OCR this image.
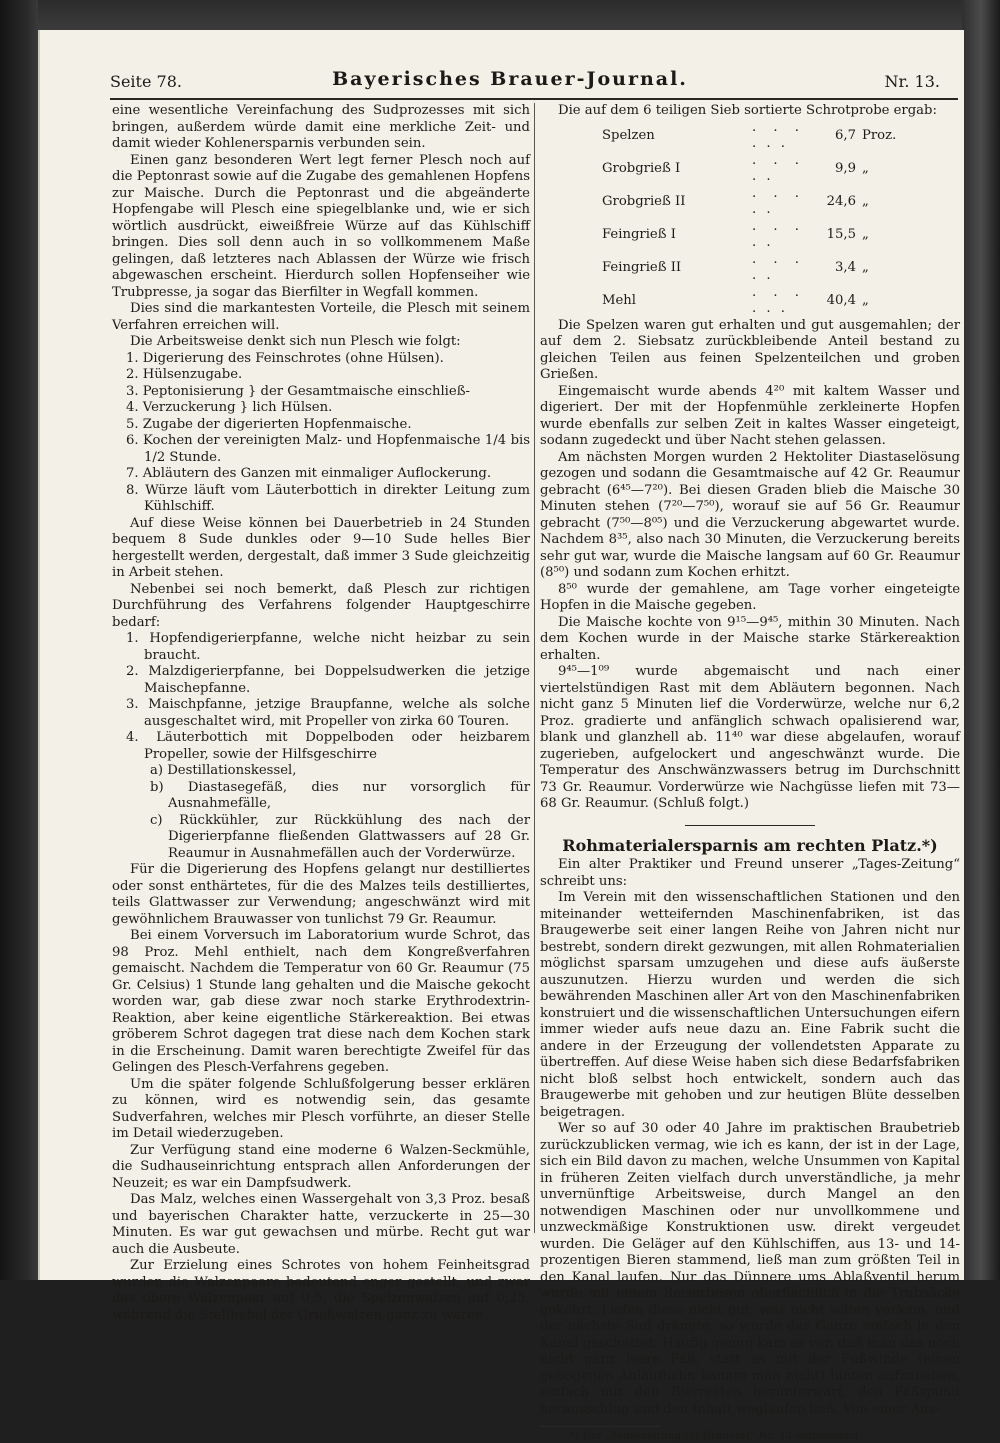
Seite 78.	Bayerisches Brauer-Journal.	Nr. 13.

eine wesentliche Vereinfachung des Sudprozesses mit sich bringen, außerdem würde damit eine merkliche Zeit- und damit wieder Kohlenersparnis verbunden sein.

Einen ganz besonderen Wert legt ferner Plesch noch auf die Peptonrast sowie auf die Zugabe des gemahlenen Hopfens zur Maische. Durch die Peptonrast und die abgeänderte Hopfengabe will Plesch eine spiegelblanke und, wie er sich wörtlich ausdrückt, eiweißfreie Würze auf das Kühlschiff bringen. Dies soll denn auch in so vollkommenem Maße gelingen, daß letzteres nach Ablassen der Würze wie frisch abgewaschen erscheint. Hierdurch sollen Hopfenseiher wie Trubpresse, ja sogar das Bierfilter in Wegfall kommen.

Dies sind die markantesten Vorteile, die Plesch mit seinem Verfahren erreichen will.

Die Arbeitsweise denkt sich nun Plesch wie folgt:

1. Digerierung des Feinschrotes (ohne Hülsen).
2. Hülsenzugabe.
3. Peptonisierung } der Gesamtmaische einschließ-
4. Verzuckerung } lich Hülsen.
5. Zugabe der digerierten Hopfenmaische.
6. Kochen der vereinigten Malz- und Hopfenmaische 1/4 bis 1/2 Stunde.
7. Abläutern des Ganzen mit einmaliger Auflockerung.
8. Würze läuft vom Läuterbottich in direkter Leitung zum Kühlschiff.

Auf diese Weise können bei Dauerbetrieb in 24 Stunden bequem 8 Sude dunkles oder 9—10 Sude helles Bier hergestellt werden, dergestalt, daß immer 3 Sude gleichzeitig in Arbeit stehen.

Nebenbei sei noch bemerkt, daß Plesch zur richtigen Durchführung des Verfahrens folgender Hauptgeschirre bedarf:

1. Hopfendigerierpfanne, welche nicht heizbar zu sein braucht.
2. Malzdigerierpfanne, bei Doppelsudwerken die jetzige Maischepfanne.
3. Maischpfanne, jetzige Braupfanne, welche als solche ausgeschaltet wird, mit Propeller von zirka 60 Touren.
4. Läuterbottich mit Doppelboden oder heizbarem Propeller, sowie der Hilfsgeschirre
a) Destillationskessel,
b) Diastasegefäß, dies nur vorsorglich für Ausnahmefälle,
c) Rückkühler, zur Rückkühlung des nach der Digerierpfanne fließenden Glattwassers auf 28 Gr. Reaumur in Ausnahmefällen auch der Vorderwürze.

Für die Digerierung des Hopfens gelangt nur destilliertes oder sonst enthärtetes, für die des Malzes teils destilliertes, teils Glattwasser zur Verwendung; angeschwänzt wird mit gewöhnlichem Brauwasser von tunlichst 79 Gr. Reaumur.

Bei einem Vorversuch im Laboratorium wurde Schrot, das 98 Proz. Mehl enthielt, nach dem Kongreßverfahren gemaischt. Nachdem die Temperatur von 60 Gr. Reaumur (75 Gr. Celsius) 1 Stunde lang gehalten und die Maische gekocht worden war, gab diese zwar noch starke Erythrodextrin-Reaktion, aber keine eigentliche Stärkereaktion. Bei etwas gröberem Schrot dagegen trat diese nach dem Kochen stark in die Erscheinung. Damit waren berechtigte Zweifel für das Gelingen des Plesch-Verfahrens gegeben.

Um die später folgende Schlußfolgerung besser erklären zu können, wird es notwendig sein, das gesamte Sudverfahren, welches mir Plesch vorführte, an dieser Stelle im Detail wiederzugeben.

Zur Verfügung stand eine moderne 6 Walzen-Seckmühle, die Sudhauseinrichtung entsprach allen Anforderungen der Neuzeit; es war ein Dampfsudwerk.

Das Malz, welches einen Wassergehalt von 3,3 Proz. besaß und bayerischen Charakter hatte, verzuckerte in 25—30 Minuten. Es war gut gewachsen und mürbe. Recht gut war auch die Ausbeute.

Zur Erzielung eines Schrotes von hohem Feinheitsgrad wurden die Walzenpaare bedeutend enger gestellt, und zwar das obere Walzenpaar auf 0,5, die Spelzenwalzen auf 0,25, während die Stellhebel der Grießwalzen ganz zu waren.

Die auf dem 6 teiligen Sieb sortierte Schrotprobe ergab:

Spelzen	. . . . . .	6,7	Proz.
Grobgrieß I	. . . . .	9,9	„
Grobgrieß II	. . . . .	24,6	„
Feingrieß I	. . . . .	15,5	„
Feingrieß II	. . . . .	3,4	„
Mehl	. . . . . .	40,4	„

Die Spelzen waren gut erhalten und gut ausgemahlen; der auf dem 2. Siebsatz zurückbleibende Anteil bestand zu gleichen Teilen aus feinen Spelzenteilchen und groben Grießen.

Eingemaischt wurde abends 4²⁰ mit kaltem Wasser und digeriert. Der mit der Hopfenmühle zerkleinerte Hopfen wurde ebenfalls zur selben Zeit in kaltes Wasser eingeteigt, sodann zugedeckt und über Nacht stehen gelassen.

Am nächsten Morgen wurden 2 Hektoliter Diastaselösung gezogen und sodann die Gesamtmaische auf 42 Gr. Reaumur gebracht (6⁴⁵—7²⁰). Bei diesen Graden blieb die Maische 30 Minuten stehen (7²⁰—7⁵⁰), worauf sie auf 56 Gr. Reaumur gebracht (7⁵⁰—8⁰⁵) und die Verzuckerung abgewartet wurde. Nachdem 8³⁵, also nach 30 Minuten, die Verzuckerung bereits sehr gut war, wurde die Maische langsam auf 60 Gr. Reaumur (8⁵⁰) und sodann zum Kochen erhitzt.

8⁵⁰ wurde der gemahlene, am Tage vorher eingeteigte Hopfen in die Maische gegeben.

Die Maische kochte von 9¹⁵—9⁴⁵, mithin 30 Minuten. Nach dem Kochen wurde in der Maische starke Stärkereaktion erhalten.

9⁴⁵—1⁰⁹ wurde abgemaischt und nach einer viertelstündigen Rast mit dem Abläutern begonnen. Nach nicht ganz 5 Minuten lief die Vorderwürze, welche nur 6,2 Proz. gradierte und anfänglich schwach opalisierend war, blank und glanzhell ab. 11⁴⁰ war diese abgelaufen, worauf zugerieben, aufgelockert und angeschwänzt wurde. Die Temperatur des Anschwänzwassers betrug im Durchschnitt 73 Gr. Reaumur. Vorderwürze wie Nachgüsse liefen mit 73—68 Gr. Reaumur. (Schluß folgt.)

Rohmaterialersparnis am rechten Platz.*)

Ein alter Praktiker und Freund unserer „Tages-Zeitung“ schreibt uns:

Im Verein mit den wissenschaftlichen Stationen und den miteinander wetteifernden Maschinenfabriken, ist das Braugewerbe seit einer langen Reihe von Jahren nicht nur bestrebt, sondern direkt gezwungen, mit allen Rohmaterialien möglichst sparsam umzugehen und diese aufs äußerste auszunutzen. Hierzu wurden und werden die sich bewährenden Maschinen aller Art von den Maschinenfabriken konstruiert und die wissenschaftlichen Untersuchungen eifern immer wieder aufs neue dazu an. Eine Fabrik sucht die andere in der Erzeugung der vollendetsten Apparate zu übertreffen. Auf diese Weise haben sich diese Bedarfsfabriken nicht bloß selbst hoch entwickelt, sondern auch das Braugewerbe mit gehoben und zur heutigen Blüte desselben beigetragen.

Wer so auf 30 oder 40 Jahre im praktischen Braubetrieb zurückzublicken vermag, wie ich es kann, der ist in der Lage, sich ein Bild davon zu machen, welche Unsummen von Kapital in früheren Zeiten vielfach durch unverständliche, ja mehr unvernünftige Arbeitsweise, durch Mangel an den notwendigen Maschinen oder nur unvollkommene und unzweckmäßige Konstruktionen usw. direkt vergeudet wurden. Die Geläger auf den Kühlschiffen, aus 13- und 14-prozentigen Bieren stammend, ließ man zum größten Teil in den Kanal laufen. Nur das Dünnere ums Ablaßventil herum wurde mit einem Reiserbesen oberflächlich in die Trubsäcke gekehrt. Liefen diese nicht gut, was nicht selten vorkam, und der nächste Sud drängte, so wurde das Ganze einfach in den Kanal geschüttet. Häufig genug kam es vor, daß man das noch nicht ganz leere Faß, statt es mit der Fußwinde (einen gebogenen Ablaufhahn kannte man nicht) hinten aufzuheben, einfach mit den Bierresten herunterwarf, den Faßspund herausschlug und den Inhalt weglaufen ließ. Von einer Aus-

*) Der „Tageszeitung für Brauerei“ Nr. 33 entnommen.
